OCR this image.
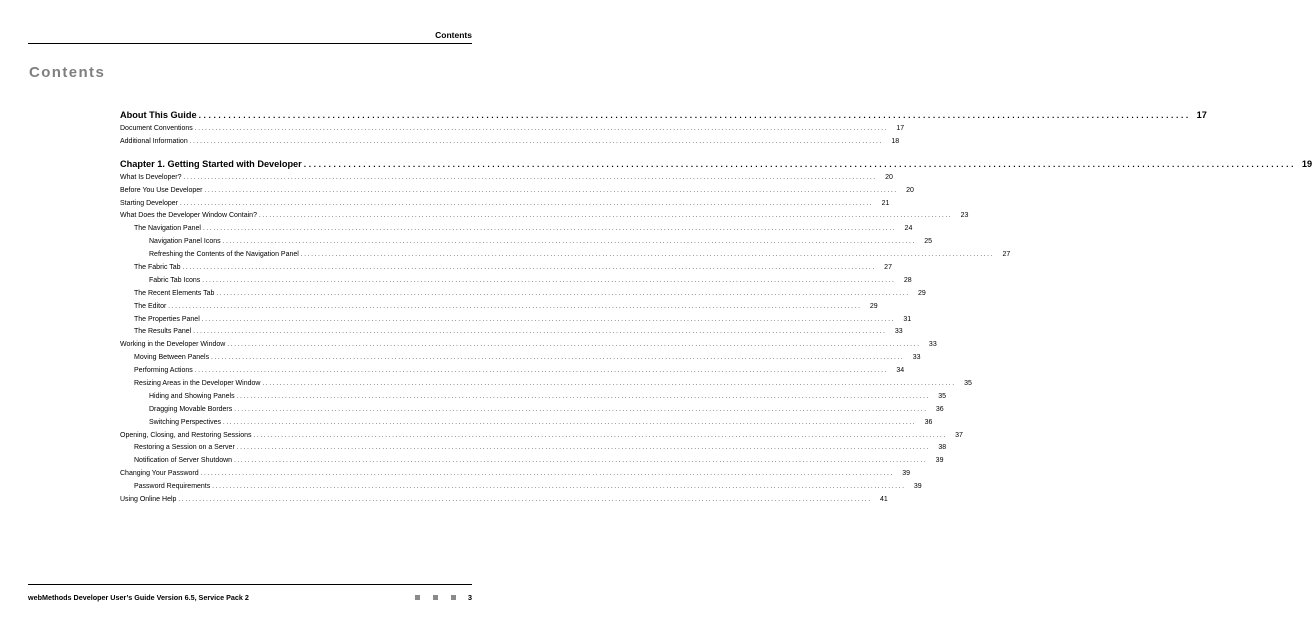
Contents
Contents
About This Guide ........................................................................................................................................................................................................ 17
Document Conventions ........................................................................................................................................................................................................	17
Additional Information ........................................................................................................................................................................................................	18
Chapter 1. Getting Started with Developer ........................................................................................................................................................................................................ 19
What Is Developer? ........................................................................................................................................................................................................	20
Before You Use Developer ........................................................................................................................................................................................................	20
Starting Developer ........................................................................................................................................................................................................	21
What Does the Developer Window Contain? ........................................................................................................................................................................................................	23
The Navigation Panel ........................................................................................................................................................................................................	24
Navigation Panel Icons ........................................................................................................................................................................................................	25
Refreshing the Contents of the Navigation Panel ........................................................................................................................................................................................................	27
The Fabric Tab ........................................................................................................................................................................................................	27
Fabric Tab Icons ........................................................................................................................................................................................................	28
The Recent Elements Tab ........................................................................................................................................................................................................	29
The Editor ........................................................................................................................................................................................................	29
The Properties Panel ........................................................................................................................................................................................................	31
The Results Panel ........................................................................................................................................................................................................	33
Working in the Developer Window ........................................................................................................................................................................................................	33
Moving Between Panels ........................................................................................................................................................................................................	33
Performing Actions ........................................................................................................................................................................................................	34
Resizing Areas in the Developer Window ........................................................................................................................................................................................................	35
Hiding and Showing Panels ........................................................................................................................................................................................................	35
Dragging Movable Borders ........................................................................................................................................................................................................	36
Switching Perspectives ........................................................................................................................................................................................................	36
Opening, Closing, and Restoring Sessions ........................................................................................................................................................................................................	37
Restoring a Session on a Server ........................................................................................................................................................................................................	38
Notification of Server Shutdown ........................................................................................................................................................................................................	39
Changing Your Password ........................................................................................................................................................................................................	39
Password Requirements ........................................................................................................................................................................................................	39
Using Online Help ........................................................................................................................................................................................................	41
webMethods Developer User’s Guide Version 6.5, Service Pack 2	3
